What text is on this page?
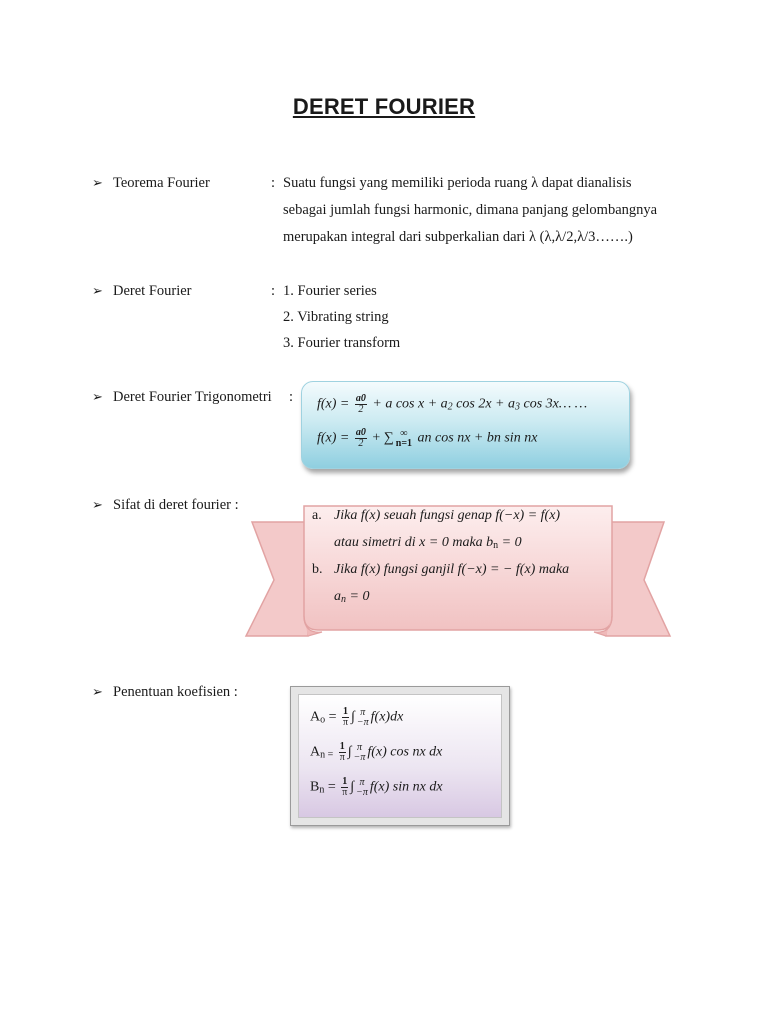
DERET FOURIER
➢ Teorema Fourier	: Suatu fungsi yang memiliki perioda ruang λ dapat dianalisis
sebagai jumlah fungsi harmonic, dimana panjang gelombangnya
merupakan integral dari subperkalian dari λ (λ,λ/2,λ/3…….)
➢ Deret Fourier	: 1. Fourier series
2. Vibrating string
3. Fourier transform
➢ Deret Fourier Trigonometri : $f(x) = \frac{a0}{2} + a$ $\cos x + a_2$ $\cos 2x + a_3$ cos 3x… …
$f(x) = \frac{a0}{2}$ + ∑ ∞
n=1 an cos nx + bn sin nx
➢ Sifat di deret fourier :
a. Jika f(x) seuah fungsi genap f(−x) = f(x)
atau simetri di x = 0 maka $b_n = 0$
b. Jika f(x) fungsi ganjil f(−x) = − f(x) maka
$a_n = 0$
➢ Penentuan koefisien :
$A_o = \frac{1}{\pi}$ ∫ π
−π f(x)dx
$A_{n =} \frac{1}{\pi}$ ∫ π
−π f(x) cos nx dx
$B_n = \frac{1}{\pi}$ ∫ π
−π f(x) sin nx dx
